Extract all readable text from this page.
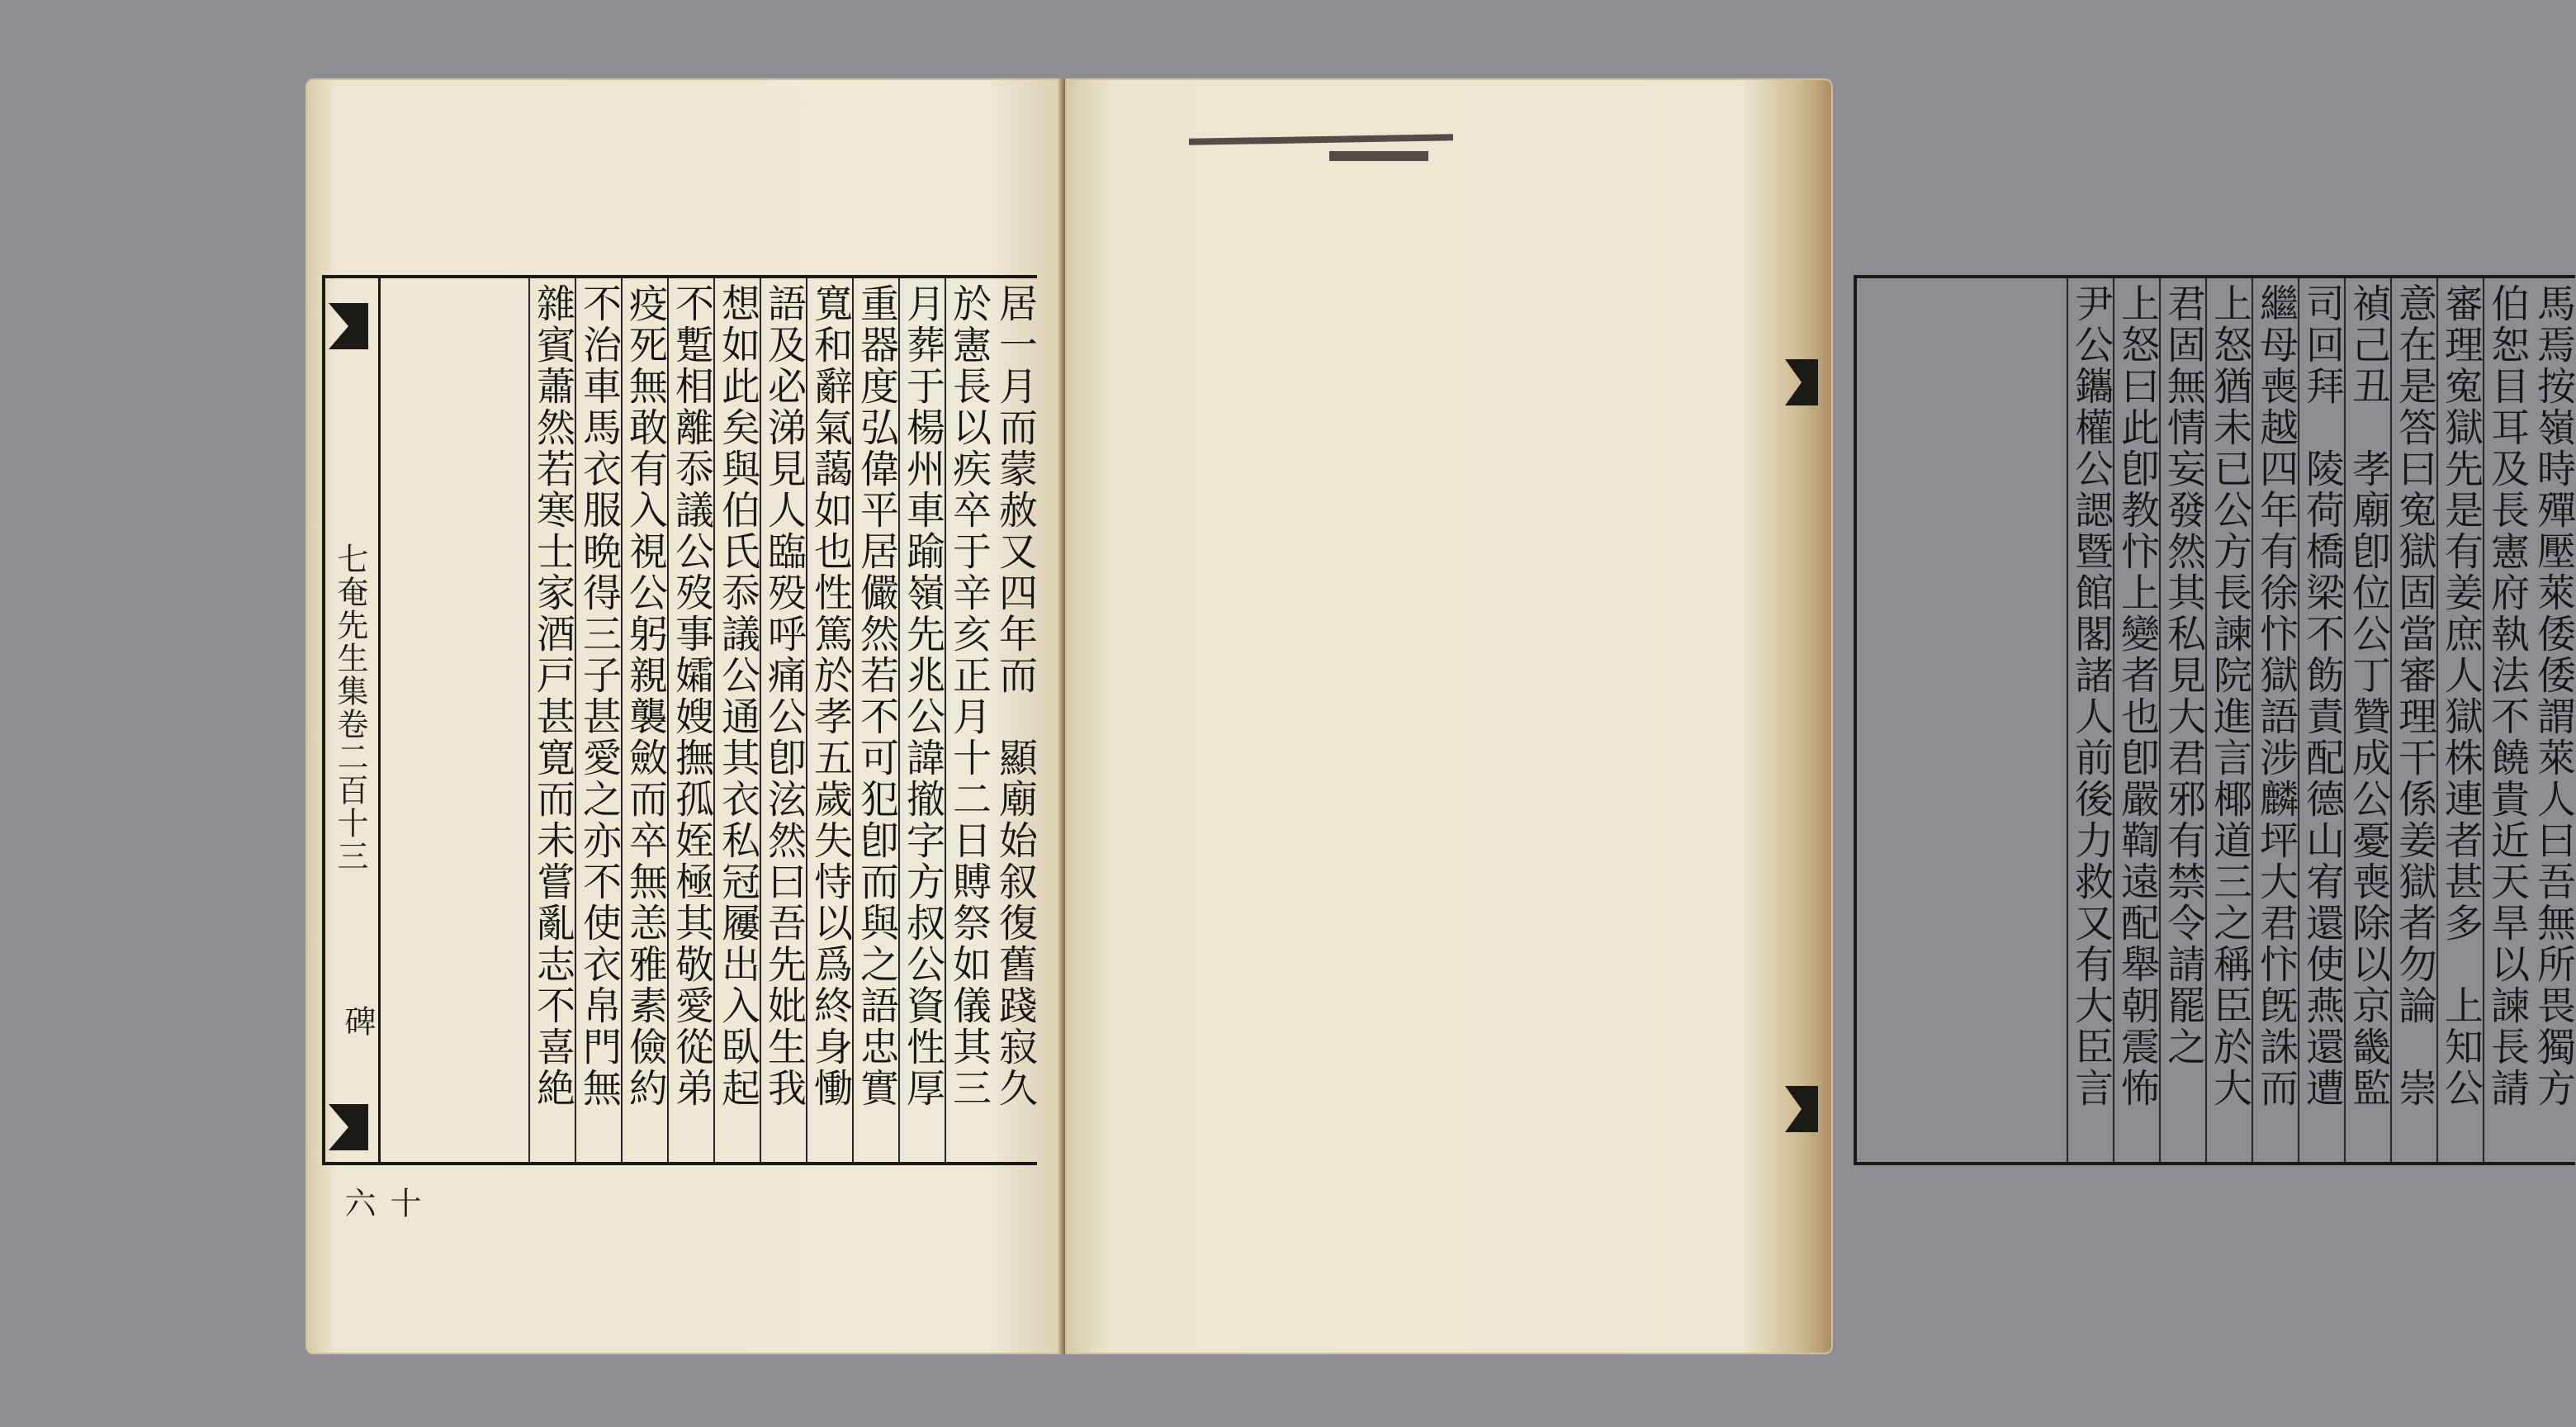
七奄先生集卷二百十三
碑
十六
居一月而蒙赦又四年而　顯廟始叙復舊踐寂久
於憲長以疾卒于辛亥正月十二日賻祭如儀其三
月葬于楊州車踰嶺先兆公諱撤字方叔公資性厚
重器度弘偉平居儼然若不可犯卽而與之語忠實
寬和辭氣藹如也性篤於孝五歲失恃以爲終身慟
語及必涕見人臨殁呼痛公卽泫然曰吾先妣生我
想如此矣與伯氏忝議公通其衣私冠屨出入臥起
不蹔相離忝議公歿事孀嫂撫孤姪極其敬愛從弟
疫死無敢有入視公躬親襲斂而卒無恙雅素儉約
不治車馬衣服晩得三子甚愛之亦不使衣帛門無
雜賓蕭然若寒士家酒戸甚寛而未嘗亂志不喜絶	馬焉按嶺時殫壓萊倭倭謂萊人曰吾無所畏獨方
伯恕目耳及長憲府執法不饒貴近天旱以諫長請
審理寃獄先是有姜庶人獄株連者甚多　上知公
意在是答曰寃獄固當審理干係姜獄者勿論　崇
禎己丑　孝廟卽位公丁贊成公憂喪除以京畿監
司回拜　陵荷橋梁不飭責配德山宥還使燕還遭
繼母喪越四年有徐忭獄語涉麟坪大君忭旣誅而
上怒猶未已公方長諫院進言椰道三之稱臣於大
君固無情妄發然其私見大君邪有禁令請罷之
上怒曰此卽教忭上變者也卽嚴鞫遠配舉朝震怖
尹公鑴權公諰暨館閣諸人前後力救又有大臣言
